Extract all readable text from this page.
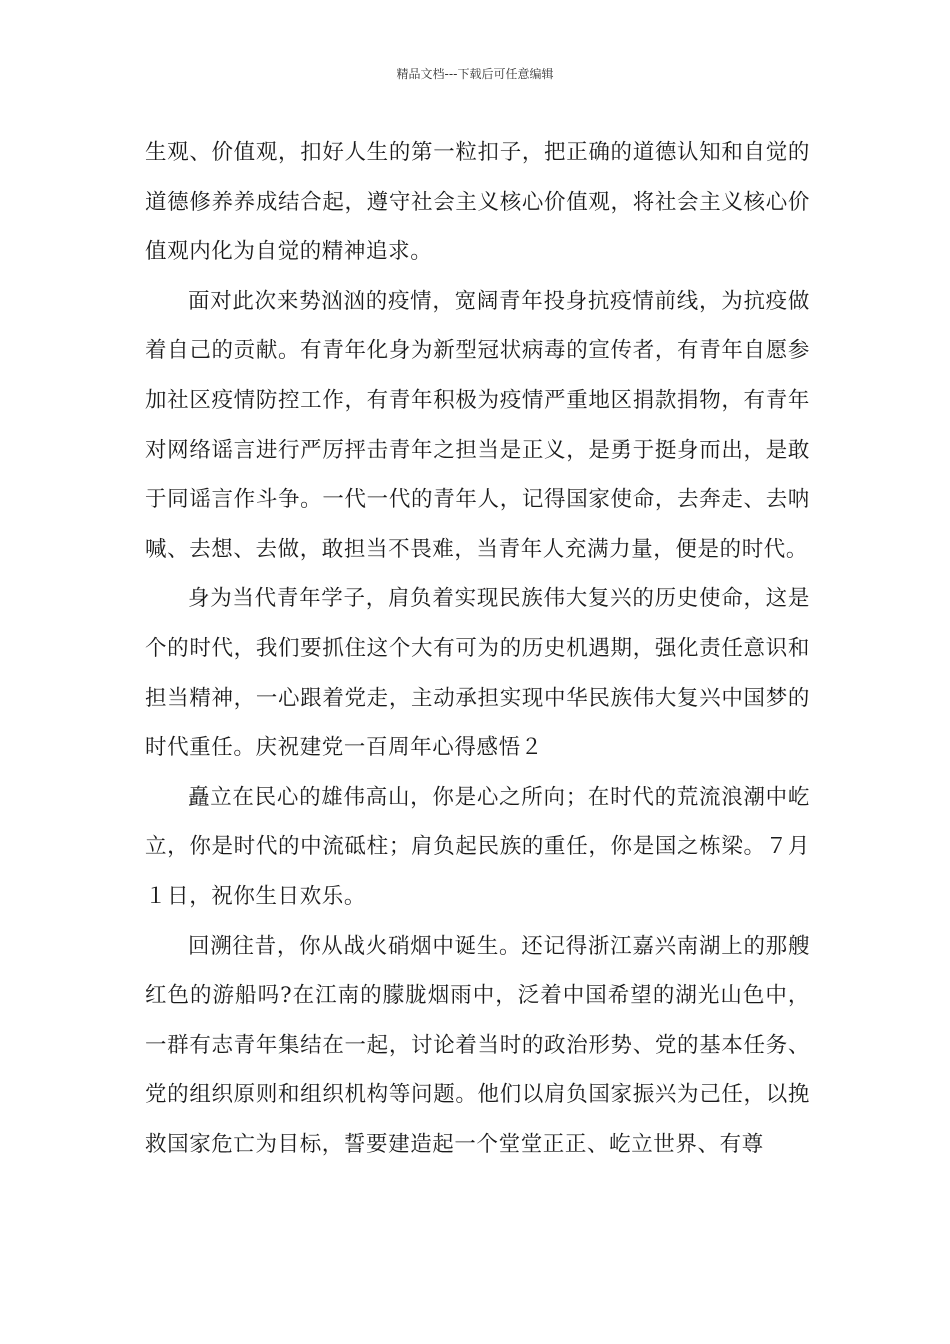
精品文档---下载后可任意编辑

生观、价值观，扣好人生的第一粒扣子，把正确的道德认知和自觉的道德修养养成结合起，遵守社会主义核心价值观，将社会主义核心价值观内化为自觉的精神追求。

面对此次来势汹汹的疫情，宽阔青年投身抗疫情前线，为抗疫做着自己的贡献。有青年化身为新型冠状病毒的宣传者，有青年自愿参加社区疫情防控工作，有青年积极为疫情严重地区捐款捐物，有青年对网络谣言进行严厉抨击青年之担当是正义，是勇于挺身而出，是敢于同谣言作斗争。一代一代的青年人，记得国家使命，去奔走、去呐喊、去想、去做，敢担当不畏难，当青年人充满力量，便是的时代。

身为当代青年学子，肩负着实现民族伟大复兴的历史使命，这是个的时代，我们要抓住这个大有可为的历史机遇期，强化责任意识和担当精神，一心跟着党走，主动承担实现中华民族伟大复兴中国梦的时代重任。庆祝建党一百周年心得感悟２

矗立在民心的雄伟高山，你是心之所向；在时代的荒流浪潮中屹立，你是时代的中流砥柱；肩负起民族的重任，你是国之栋梁。７月１日，祝你生日欢乐。

回溯往昔，你从战火硝烟中诞生。还记得浙江嘉兴南湖上的那艘红色的游船吗?在江南的朦胧烟雨中，泛着中国希望的湖光山色中，一群有志青年集结在一起，讨论着当时的政治形势、党的基本任务、党的组织原则和组织机构等问题。他们以肩负国家振兴为己任，以挽救国家危亡为目标，誓要建造起一个堂堂正正、屹立世界、有尊
